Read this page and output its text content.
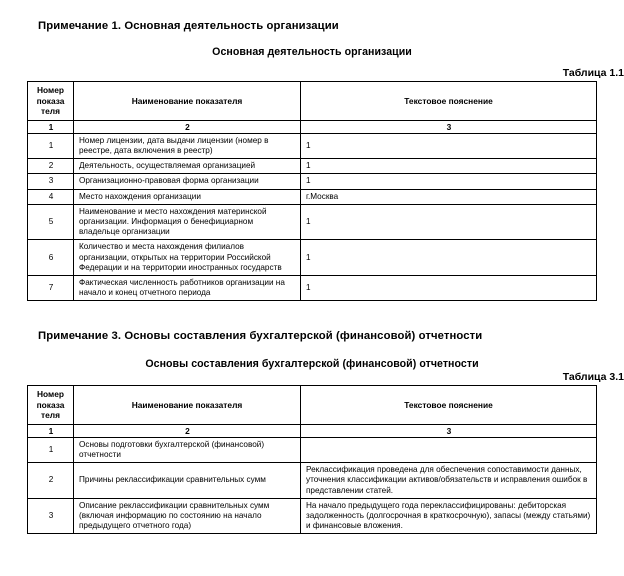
Примечание 1. Основная деятельность организации
Основная деятельность организации
Таблица 1.1
Номер
показа
теля	Наименование показателя	Текстовое пояснение
1	2	3
1	Номер лицензии, дата выдачи лицензии (номер в реестре, дата включения в реестр)	1
2	Деятельность, осуществляемая организацией	1
3	Организационно-правовая форма организации	1
4	Место нахождения организации	г.Москва
5	Наименование и место нахождения материнской организации. Информация о бенефициарном владельце организации	1
6	Количество и места нахождения филиалов организации, открытых на территории Российской Федерации и на территории иностранных государств	1
7	Фактическая численность работников организации на начало и конец отчетного периода	1
Примечание 3. Основы составления бухгалтерской (финансовой) отчетности
Основы составления бухгалтерской (финансовой) отчетности
Таблица 3.1
Номер
показа
теля	Наименование показателя	Текстовое пояснение
1	2	3
1	Основы подготовки бухгалтерской (финансовой) отчетности	
2	Причины реклассификации сравнительных сумм	Реклассификация проведена для обеспечения сопоставимости данных, уточнения классификации активов/обязательств и исправления ошибок в представлении статей.
3	Описание реклассификации сравнительных сумм (включая информацию по состоянию на начало предыдущего отчетного года)	На начало предыдущего года переклассифицированы: дебиторская задолженность (долгосрочная в краткосрочную), запасы (между статьями) и финансовые вложения.
